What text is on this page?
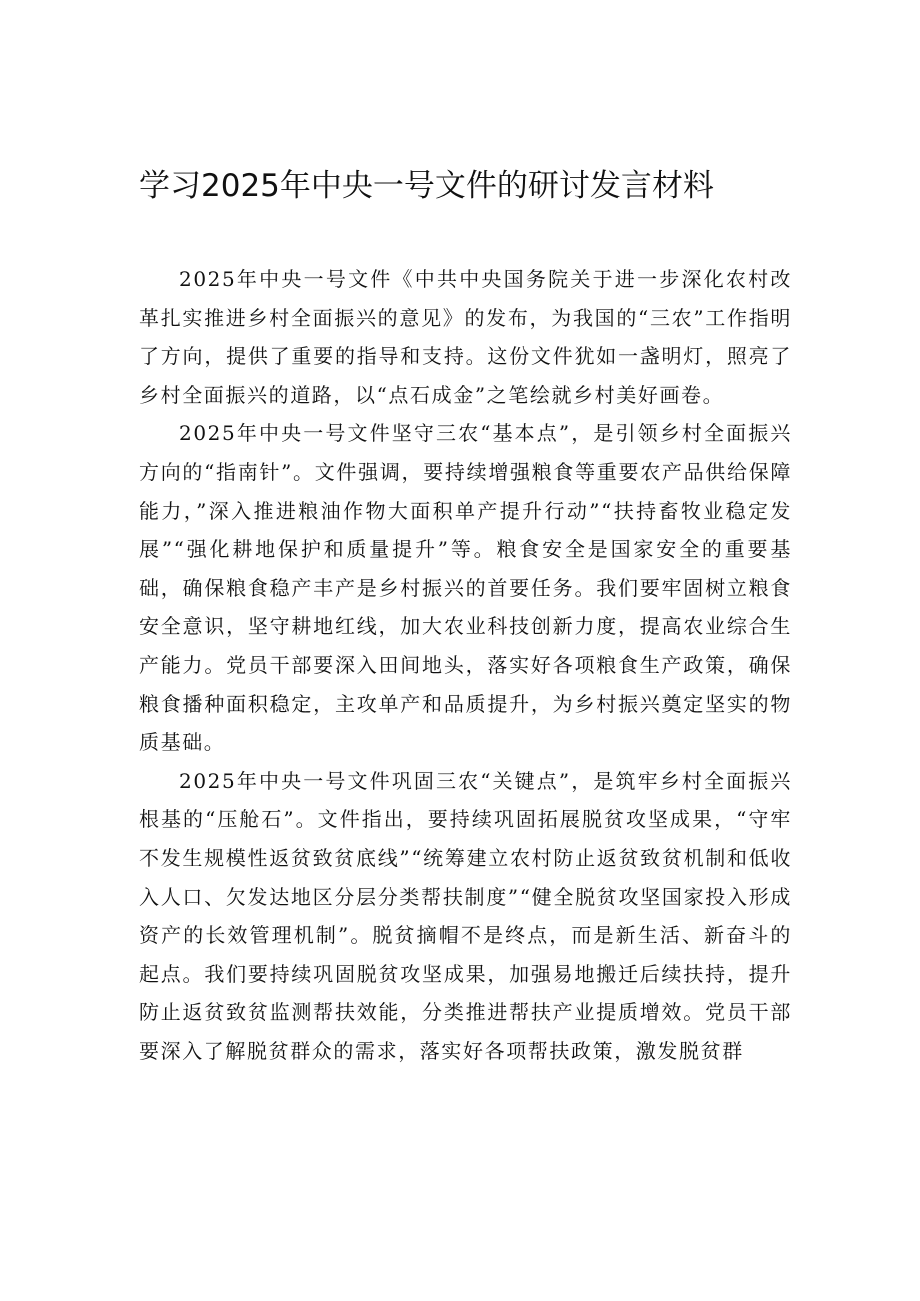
学习2025年中央一号文件的研讨发言材料

2025年中央一号文件《中共中央国务院关于进一步深化农村改革扎实推进乡村全面振兴的意见》的发布，为我国的“三农”工作指明了方向，提供了重要的指导和支持。这份文件犹如一盏明灯，照亮了乡村全面振兴的道路，以“点石成金”之笔绘就乡村美好画卷。

2025年中央一号文件坚守三农“基本点”，是引领乡村全面振兴方向的“指南针”。文件强调，要持续增强粮食等重要农产品供给保障能力，”深入推进粮油作物大面积单产提升行动”“扶持畜牧业稳定发展”“强化耕地保护和质量提升”等。粮食安全是国家安全的重要基础，确保粮食稳产丰产是乡村振兴的首要任务。我们要牢固树立粮食安全意识，坚守耕地红线，加大农业科技创新力度，提高农业综合生产能力。党员干部要深入田间地头，落实好各项粮食生产政策，确保粮食播种面积稳定，主攻单产和品质提升，为乡村振兴奠定坚实的物质基础。

2025年中央一号文件巩固三农“关键点”，是筑牢乡村全面振兴根基的“压舱石”。文件指出，要持续巩固拓展脱贫攻坚成果，“守牢不发生规模性返贫致贫底线”“统筹建立农村防止返贫致贫机制和低收入人口、欠发达地区分层分类帮扶制度”“健全脱贫攻坚国家投入形成资产的长效管理机制”。脱贫摘帽不是终点，而是新生活、新奋斗的起点。我们要持续巩固脱贫攻坚成果，加强易地搬迁后续扶持，提升防止返贫致贫监测帮扶效能，分类推进帮扶产业提质增效。党员干部要深入了解脱贫群众的需求，落实好各项帮扶政策，激发脱贫群
